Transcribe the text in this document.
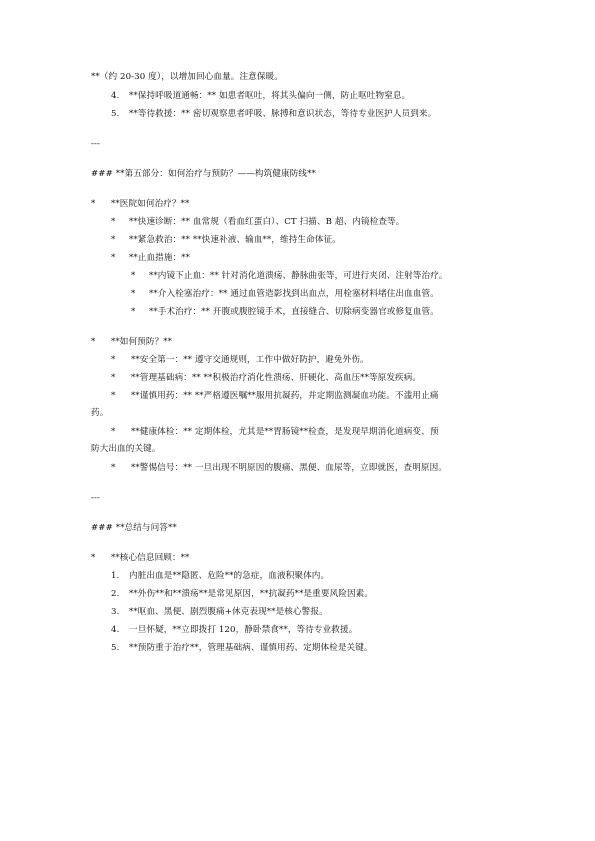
**（约 20-30 度），以增加回心血量。注意保暖。
4. **保持呼吸道通畅：** 如患者呕吐，将其头偏向一侧，防止呕吐物窒息。
5. **等待救援：** 密切观察患者呼吸、脉搏和意识状态，等待专业医护人员到来。
---
### **第五部分：如何治疗与预防？——构筑健康防线**
* **医院如何治疗？**
* **快速诊断：** 血常规（看血红蛋白）、CT 扫描、B 超、内镜检查等。
* **紧急救治：** **快速补液、输血**，维持生命体征。
* **止血措施：**
* **内镜下止血：** 针对消化道溃疡、静脉曲张等，可进行夹闭、注射等治疗。
* **介入栓塞治疗：** 通过血管造影找到出血点，用栓塞材料堵住出血血管。
* **手术治疗：** 开腹或腹腔镜手术，直接缝合、切除病变器官或修复血管。
* **如何预防？**
* **安全第一：** 遵守交通规则，工作中做好防护，避免外伤。
* **管理基础病：** **积极治疗消化性溃疡、肝硬化、高血压**等原发疾病。
* **谨慎用药：** **严格遵医嘱**服用抗凝药，并定期监测凝血功能。不滥用止痛
药。
* **健康体检：** 定期体检，尤其是**胃肠镜**检查，是发现早期消化道病变、预
防大出血的关键。
* **警惕信号：** 一旦出现不明原因的腹痛、黑便、血尿等，立即就医，查明原因。
---
### **总结与问答**
* **核心信息回顾：**
1. 内脏出血是**隐匿、危险**的急症，血液积聚体内。
2. **外伤**和**溃疡**是常见原因，**抗凝药**是重要风险因素。
3. **呕血、黑便、剧烈腹痛+休克表现**是核心警报。
4. 一旦怀疑，**立即拨打 120，静卧禁食**，等待专业救援。
5. **预防重于治疗**，管理基础病、谨慎用药、定期体检是关键。
